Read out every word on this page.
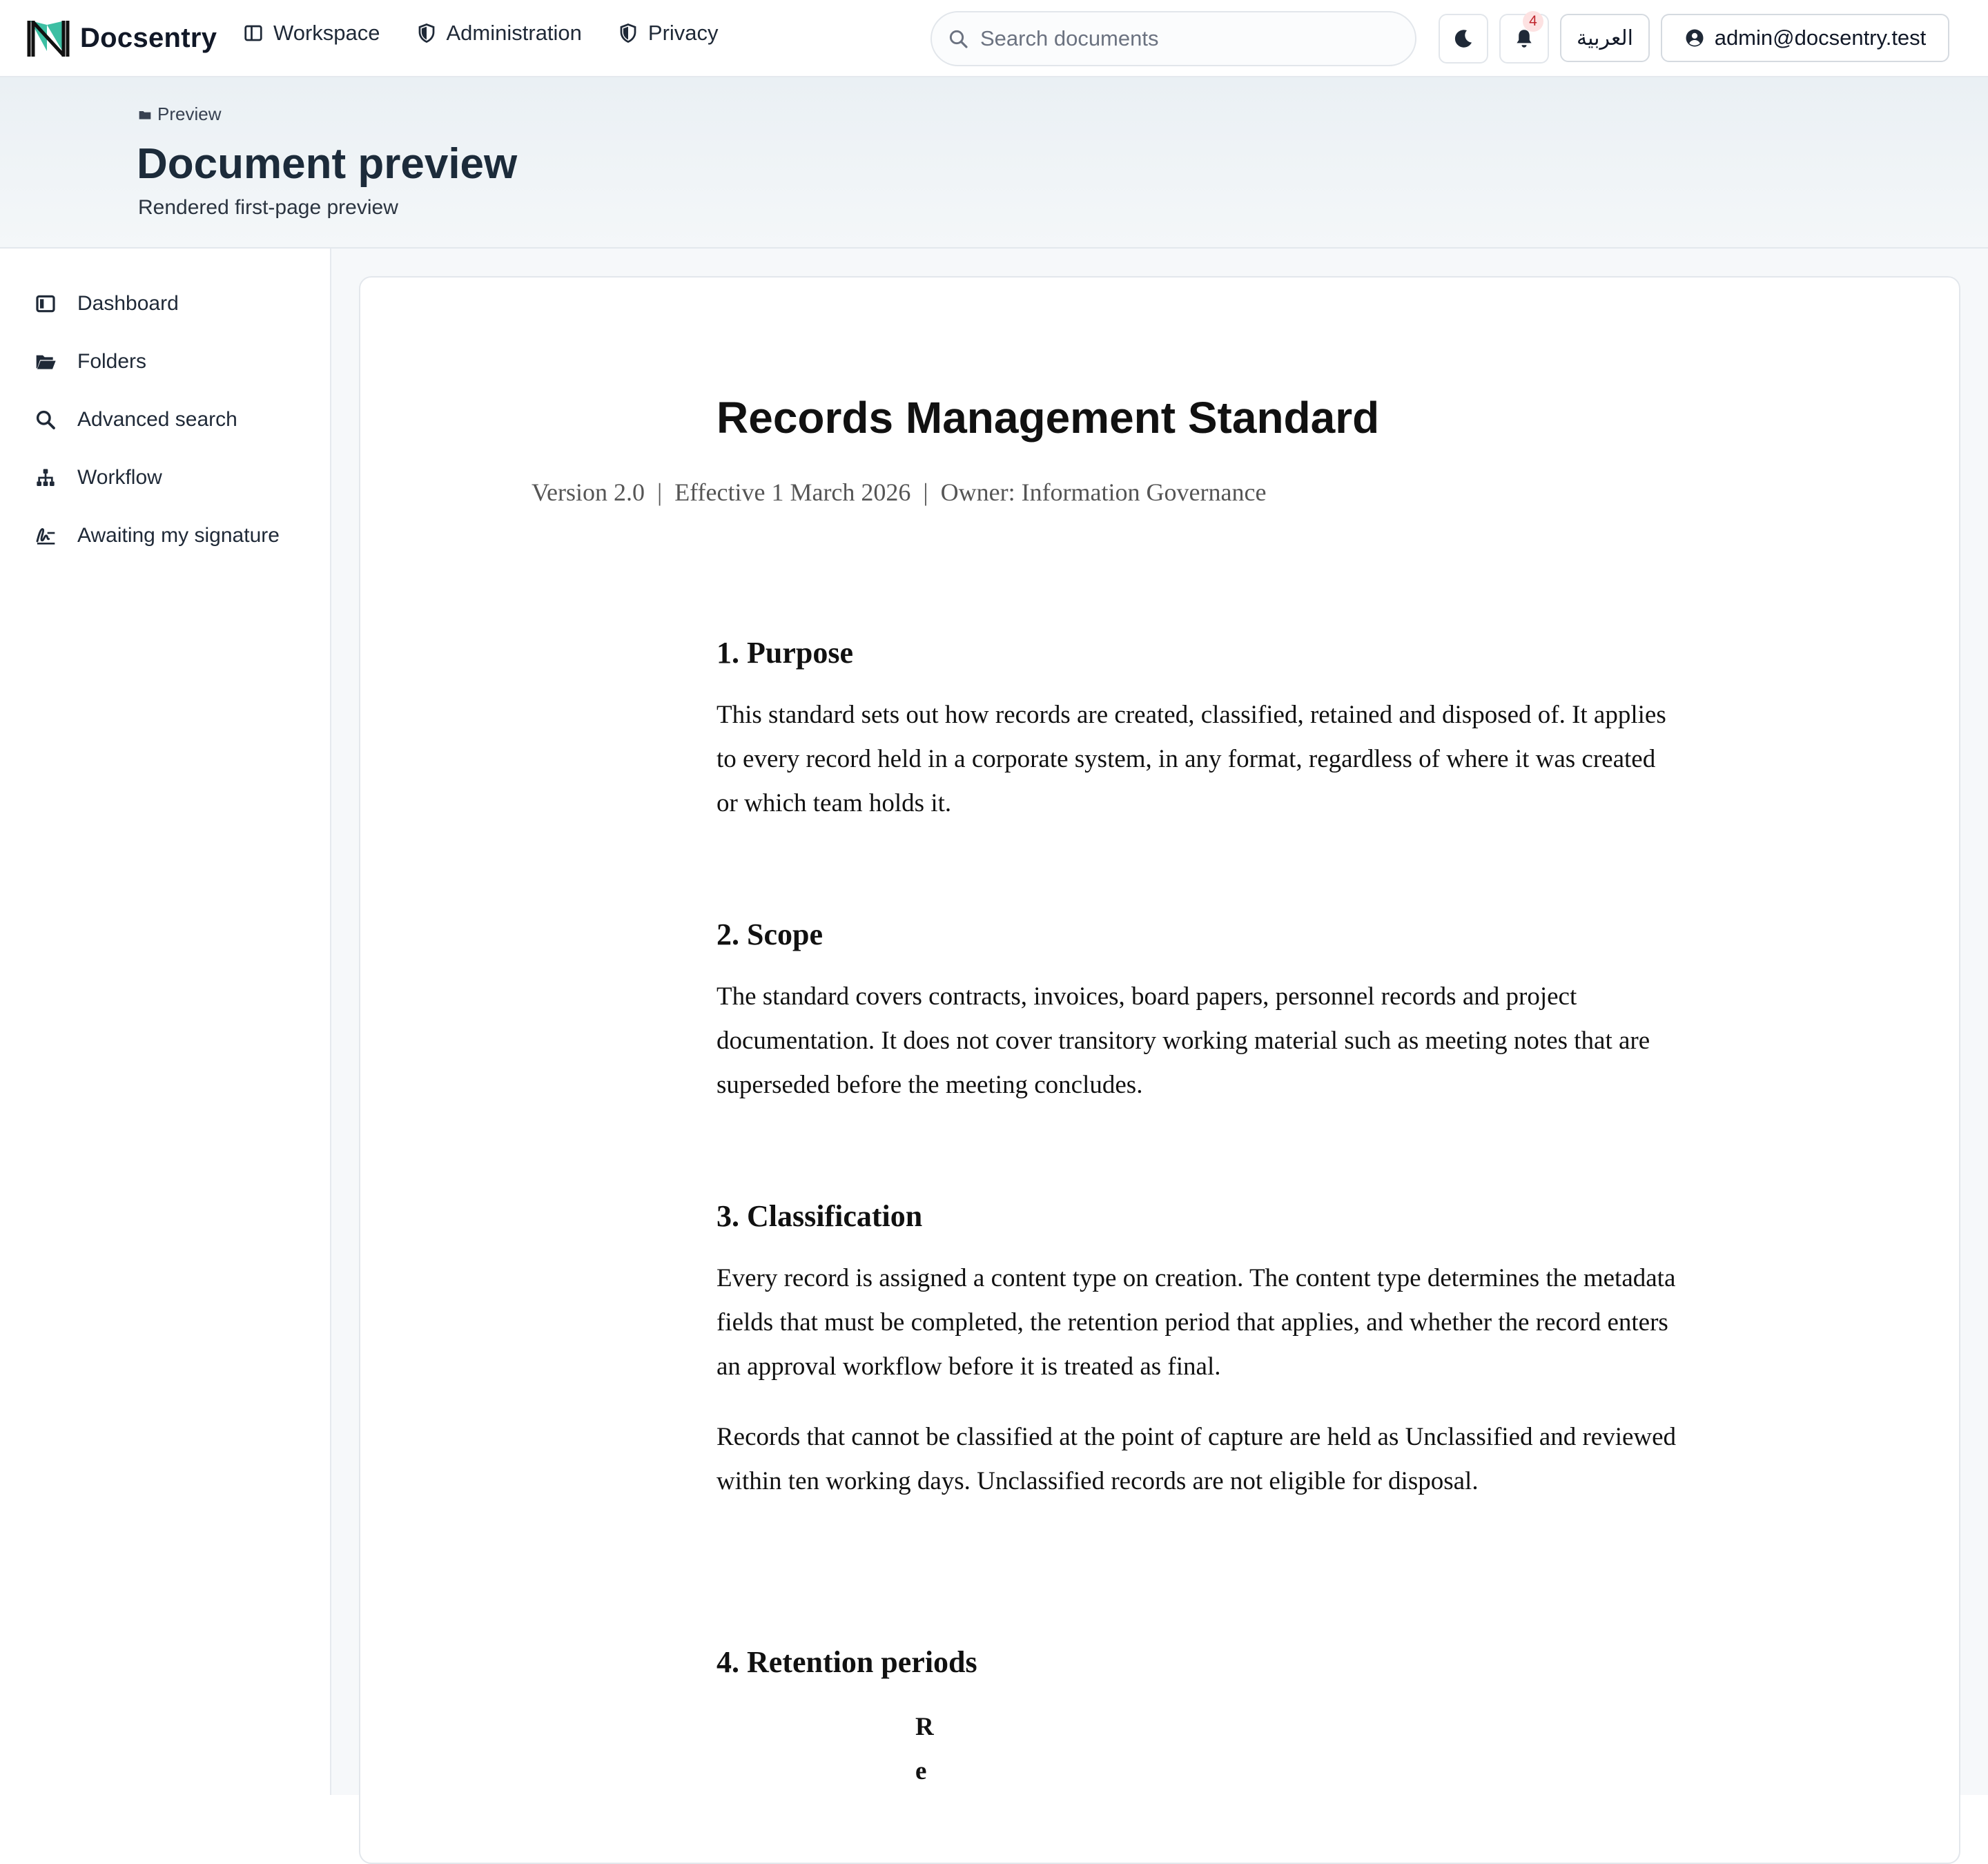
Docsentry	Workspace	Administration	Privacy
Search documents	4
العربية	admin@docsentry.test
Preview
Document preview
Rendered first-page preview
Dashboard
Folders
Advanced search
Workflow
Awaiting my signature
Records Management Standard
Version 2.0  |  Effective 1 March 2026  |  Owner: Information Governance
1. Purpose
This standard sets out how records are created, classified, retained and disposed of. It applies to every record held in a corporate system, in any format, regardless of where it was created or which team holds it.
2. Scope
The standard covers contracts, invoices, board papers, personnel records and project documentation. It does not cover transitory working material such as meeting notes that are superseded before the meeting concludes.
3. Classification
Every record is assigned a content type on creation. The content type determines the metadata fields that must be completed, the retention period that applies, and whether the record enters an approval workflow before it is treated as final.
Records that cannot be classified at the point of capture are held as Unclassified and reviewed within ten working days. Unclassified records are not eligible for disposal.
4. Retention periods
R
e
